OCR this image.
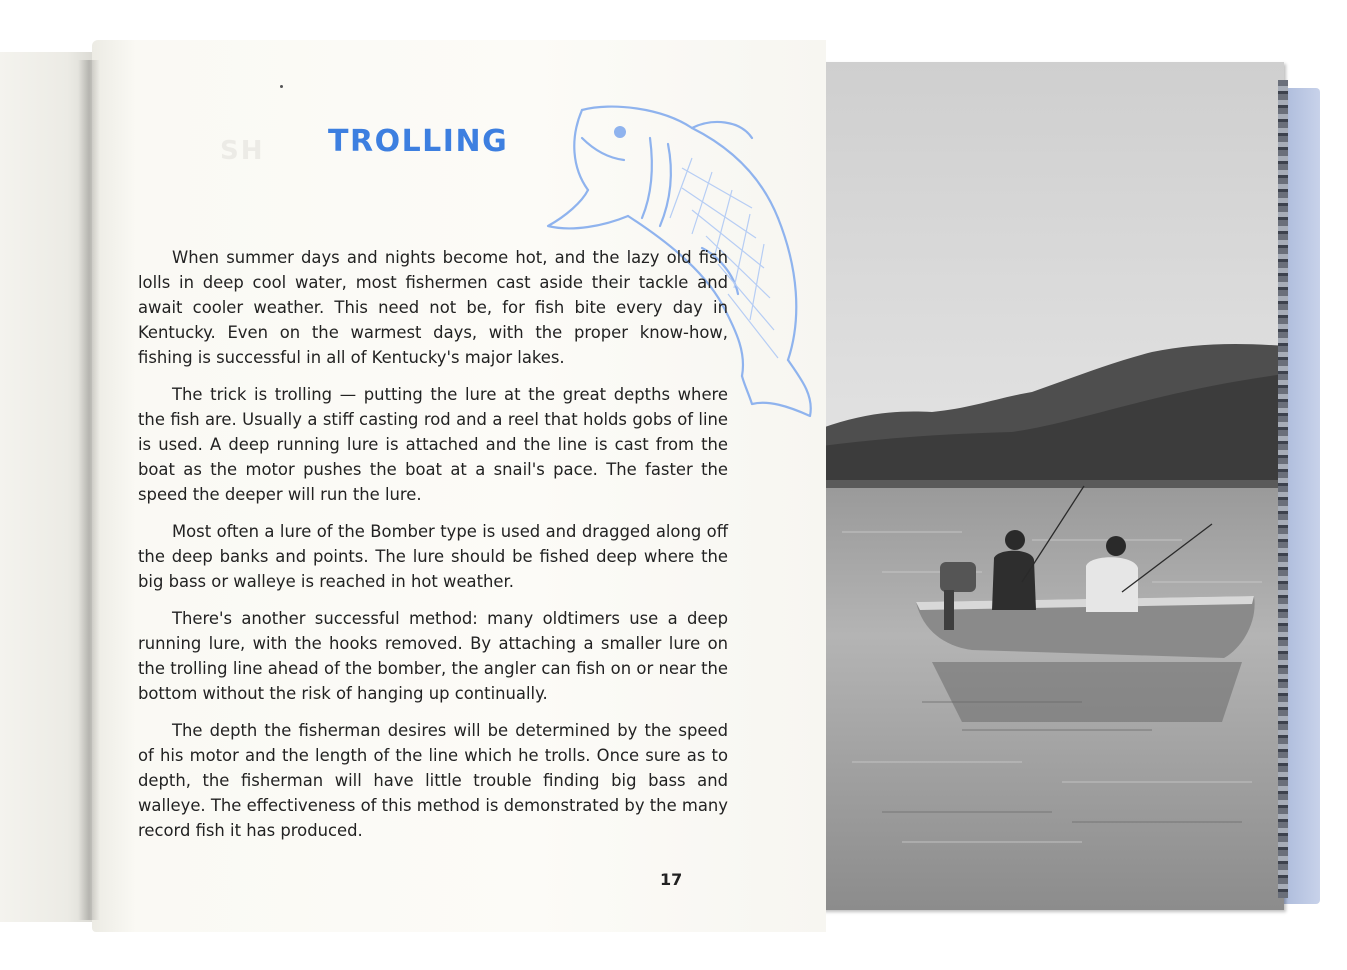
SH TROLLING

When summer days and nights become hot, and the lazy old fish lolls in deep cool water, most fishermen cast aside their tackle and await cooler weather. This need not be, for fish bite every day in Kentucky. Even on the warmest days, with the proper know-how, fishing is successful in all of Kentucky's major lakes.

The trick is trolling — putting the lure at the great depths where the fish are. Usually a stiff casting rod and a reel that holds gobs of line is used. A deep running lure is attached and the line is cast from the boat as the motor pushes the boat at a snail's pace. The faster the speed the deeper will run the lure.

Most often a lure of the Bomber type is used and dragged along off the deep banks and points. The lure should be fished deep where the big bass or walleye is reached in hot weather.

There's another successful method: many oldtimers use a deep running lure, with the hooks removed. By attaching a smaller lure on the trolling line ahead of the bomber, the angler can fish on or near the bottom without the risk of hanging up continually.

The depth the fisherman desires will be determined by the speed of his motor and the length of the line which he trolls. Once sure as to depth, the fisherman will have little trouble finding big bass and walleye. The effectiveness of this method is demonstrated by the many record fish it has produced.

17
